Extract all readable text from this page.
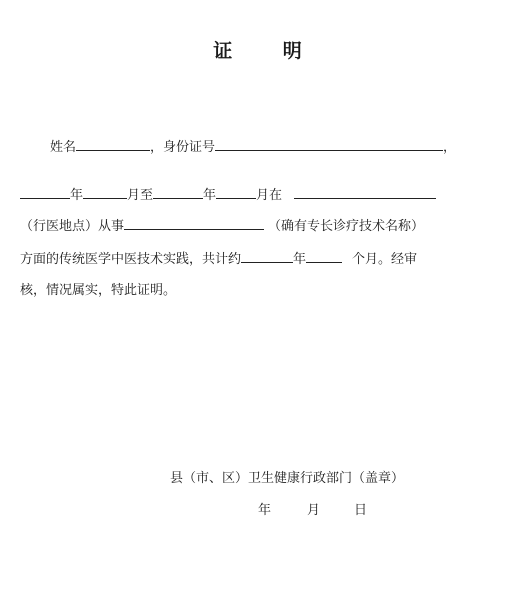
证 明
姓名	，身份证号	，
年	月至	年	月在
（行医地点）从事	（确有专长诊疗技术名称）
方面的传统医学中医技术实践，共计约	年	个月。经审
核，情况属实，特此证明。
县（市、区）卫生健康行政部门（盖章）
年	月	日
